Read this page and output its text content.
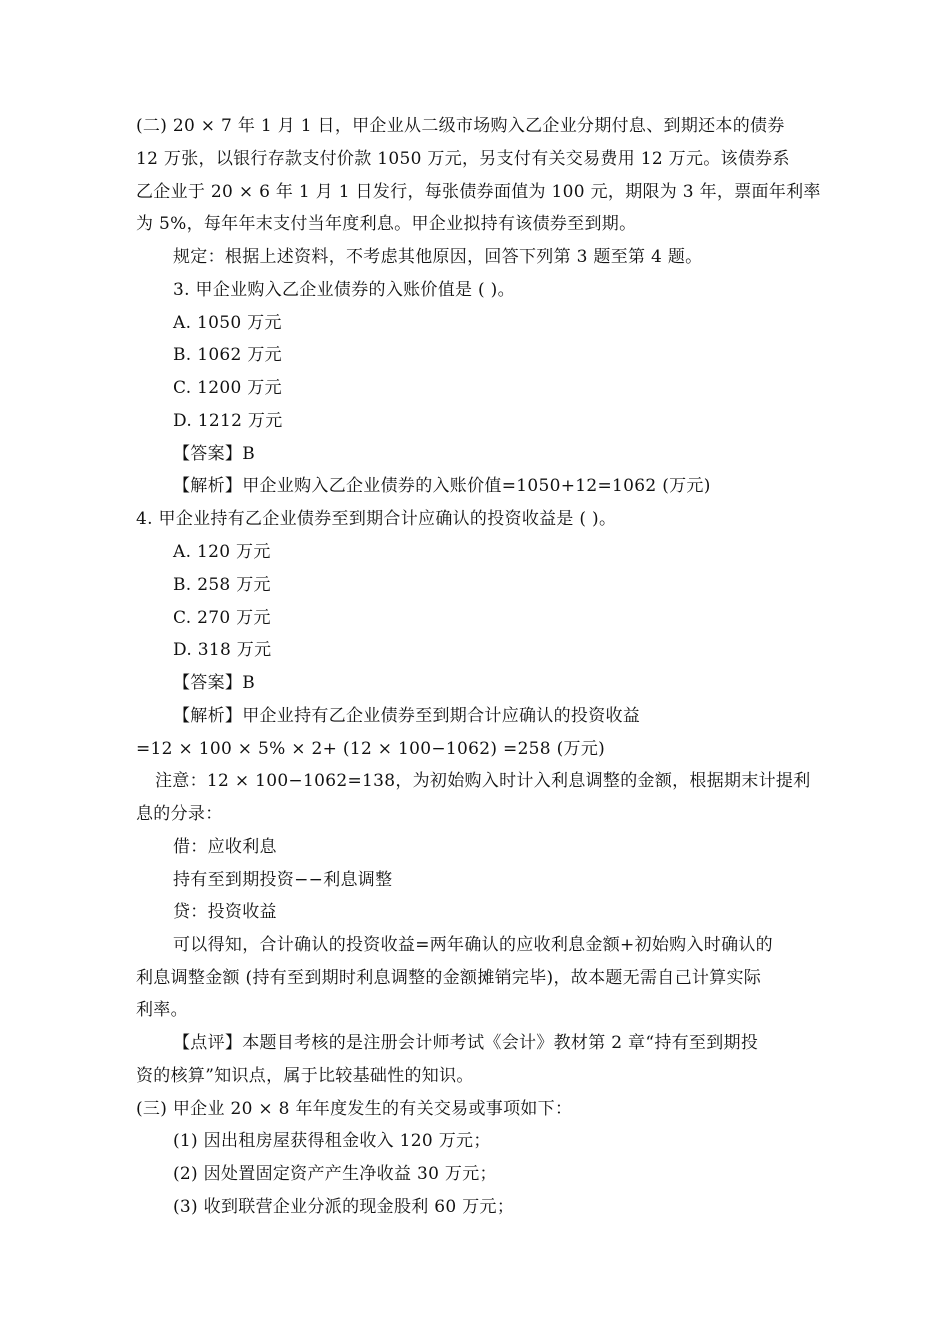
(二) 20 × 7 年 1 月 1 日，甲企业从二级市场购入乙企业分期付息、到期还本的债券
12 万张，以银行存款支付价款 1050 万元，另支付有关交易费用 12 万元。该债券系
乙企业于 20 × 6 年 1 月 1 日发行，每张债券面值为 100 元，期限为 3 年，票面年利率
为 5%，每年年末支付当年度利息。甲企业拟持有该债券至到期。
规定：根据上述资料，不考虑其他原因，回答下列第 3 题至第 4 题。
3. 甲企业购入乙企业债券的入账价值是 ( )。
A. 1050 万元
B. 1062 万元
C. 1200 万元
D. 1212 万元
【答案】B
【解析】甲企业购入乙企业债券的入账价值=1050+12=1062 (万元)
4. 甲企业持有乙企业债券至到期合计应确认的投资收益是 ( )。
A. 120 万元
B. 258 万元
C. 270 万元
D. 318 万元
【答案】B
【解析】甲企业持有乙企业债券至到期合计应确认的投资收益
=12 × 100 × 5% × 2+ (12 × 100−1062) =258 (万元)
注意：12 × 100−1062=138，为初始购入时计入利息调整的金额，根据期末计提利
息的分录：
借：应收利息
持有至到期投资−−利息调整
贷：投资收益
可以得知，合计确认的投资收益=两年确认的应收利息金额+初始购入时确认的
利息调整金额 (持有至到期时利息调整的金额摊销完毕)，故本题无需自己计算实际
利率。
【点评】本题目考核的是注册会计师考试《会计》教材第 2 章“持有至到期投
资的核算”知识点，属于比较基础性的知识。
(三) 甲企业 20 × 8 年年度发生的有关交易或事项如下：
(1) 因出租房屋获得租金收入 120 万元；
(2) 因处置固定资产产生净收益 30 万元；
(3) 收到联营企业分派的现金股利 60 万元；
